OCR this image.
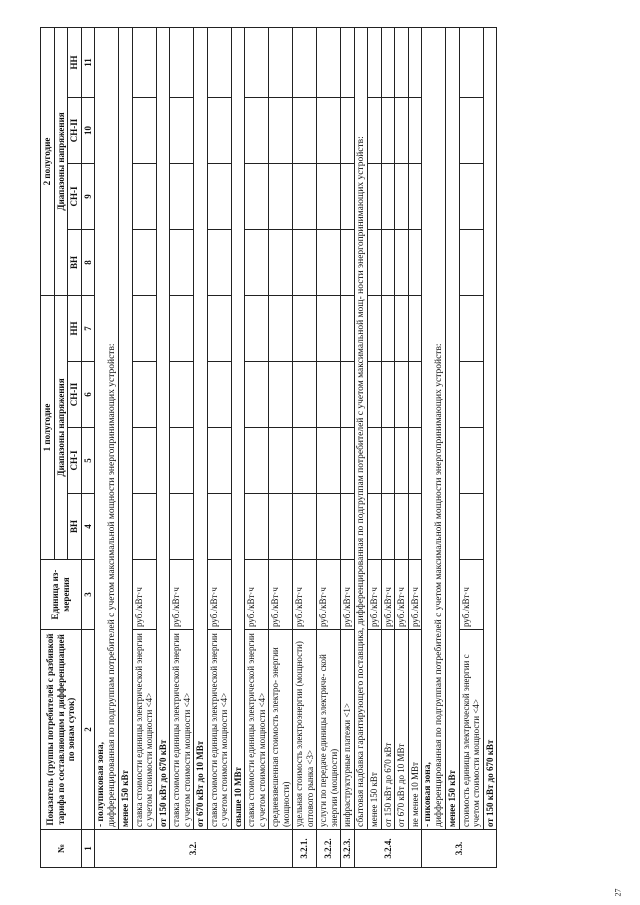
№	Показатель (группы потребителей с разбивкой тарифа по составляющим и дифференциацией по зонам суток)	Единица из- мерения	1 полугодие				2 полугодие			
			Диапазоны напряжения				Диапазоны напряжения			
			ВН	СН-I	СН-II	НН	ВН	СН-I	СН-II	НН
1	2	3	4	5	6	7	8	9	10	11
3.2.	- полупиковая зона,
дифференцированная по подгруппам потребителей с учетом максимальной мощности энергопринимающих устройств:									
	менее 150 кВт									
	ставка стоимости единицы электрической энергии с учетом стоимости мощности <4>	руб./кВт·ч								
	от 150 кВт до 670 кВт									
	ставка стоимости единицы электрической энергии с учетом стоимости мощности <4>	руб./кВт·ч								
	от 670 кВт до 10 МВт									
	ставка стоимости единицы электрической энергии с учетом стоимости мощности <4>	руб./кВт·ч								
	свыше 10 МВт									
	ставка стоимости единицы электрической энергии с учетом стоимости мощности <4>	руб./кВт·ч								
	средневзвешенная стоимость электро- энергии (мощности)	руб./кВт·ч								
3.2.1.	удельная стоимость электроэнергии (мощности) оптового рынка <3>	руб./кВт·ч								
3.2.2.	услуги по передаче единицы электриче- ской энергии (мощности)	руб./кВт·ч								
3.2.3.	инфраструктурные платежи <1>	руб./кВт·ч								
3.2.4.	сбытовая надбавка гарантирующего поставщика, дифференцированная по подгруппам потребителей с учетом максимальной мощ- ности энергопринимающих устройств:									
	менее 150 кВт	руб./кВт·ч								
	от 150 кВт до 670 кВт	руб./кВт·ч								
	от 670 кВт до 10 МВт	руб./кВт·ч								
	не менее 10 МВт	руб./кВт·ч								
3.3.	- пиковая зона,
дифференцированная по подгруппам потребителей с учетом максимальной мощности энергопринимающих устройств:									
	менее 150 кВт									
	стоимость единицы электрической энергии с учетом стоимости мощности <4>	руб./кВт·ч								
	от 150 кВт до 670 кВт									
27
